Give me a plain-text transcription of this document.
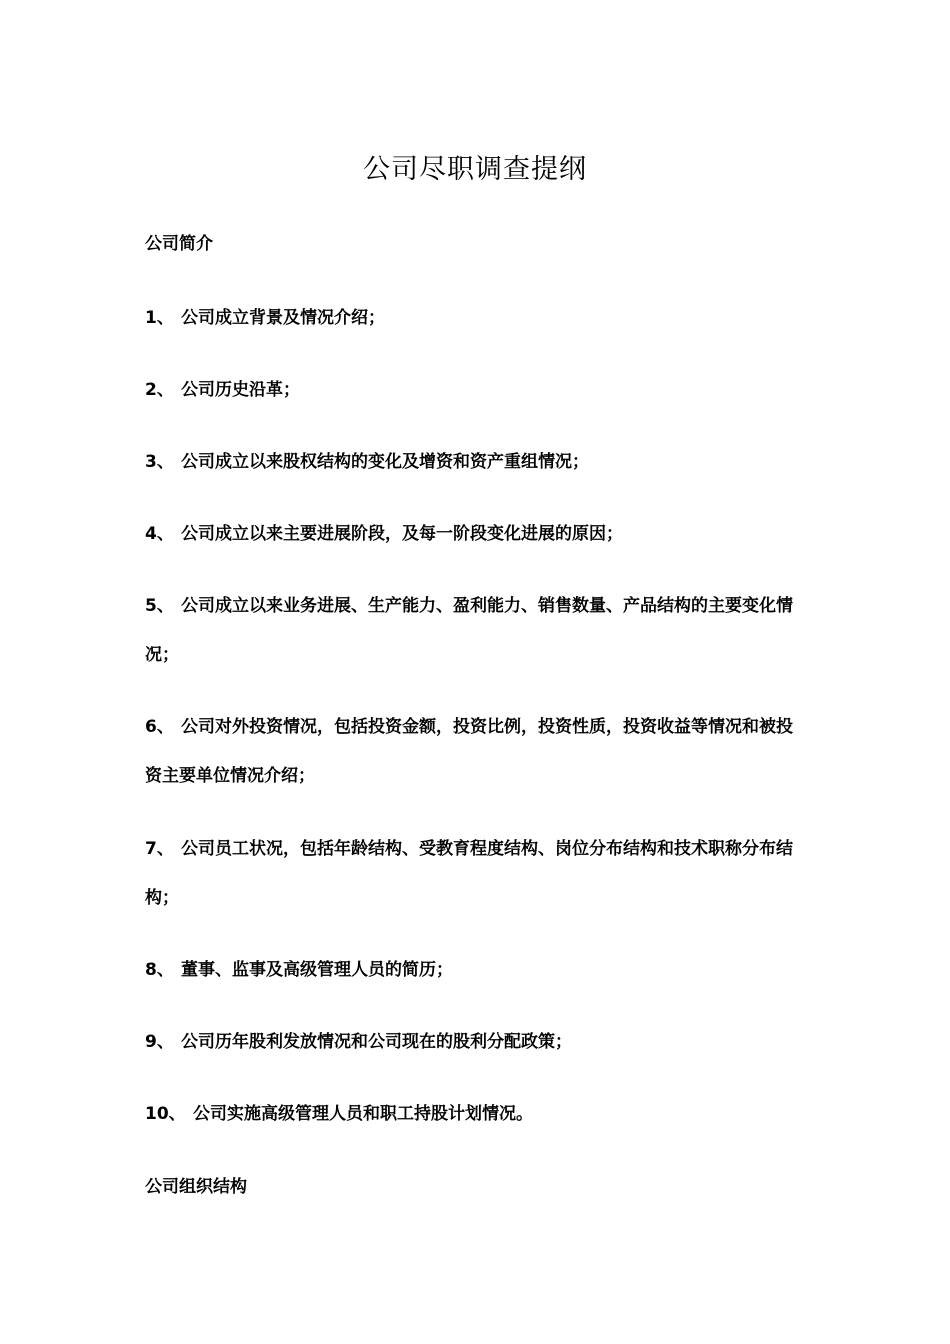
公司尽职调查提纲
公司简介
1、 公司成立背景及情况介绍；
2、 公司历史沿革；
3、 公司成立以来股权结构的变化及增资和资产重组情况；
4、 公司成立以来主要进展阶段，及每一阶段变化进展的原因；
5、 公司成立以来业务进展、生产能力、盈利能力、销售数量、产品结构的主要变化情况；
6、 公司对外投资情况，包括投资金额，投资比例，投资性质，投资收益等情况和被投资主要单位情况介绍；
7、 公司员工状况，包括年龄结构、受教育程度结构、岗位分布结构和技术职称分布结构；
8、 董事、监事及高级管理人员的简历；
9、 公司历年股利发放情况和公司现在的股利分配政策；
10、 公司实施高级管理人员和职工持股计划情况。
公司组织结构
